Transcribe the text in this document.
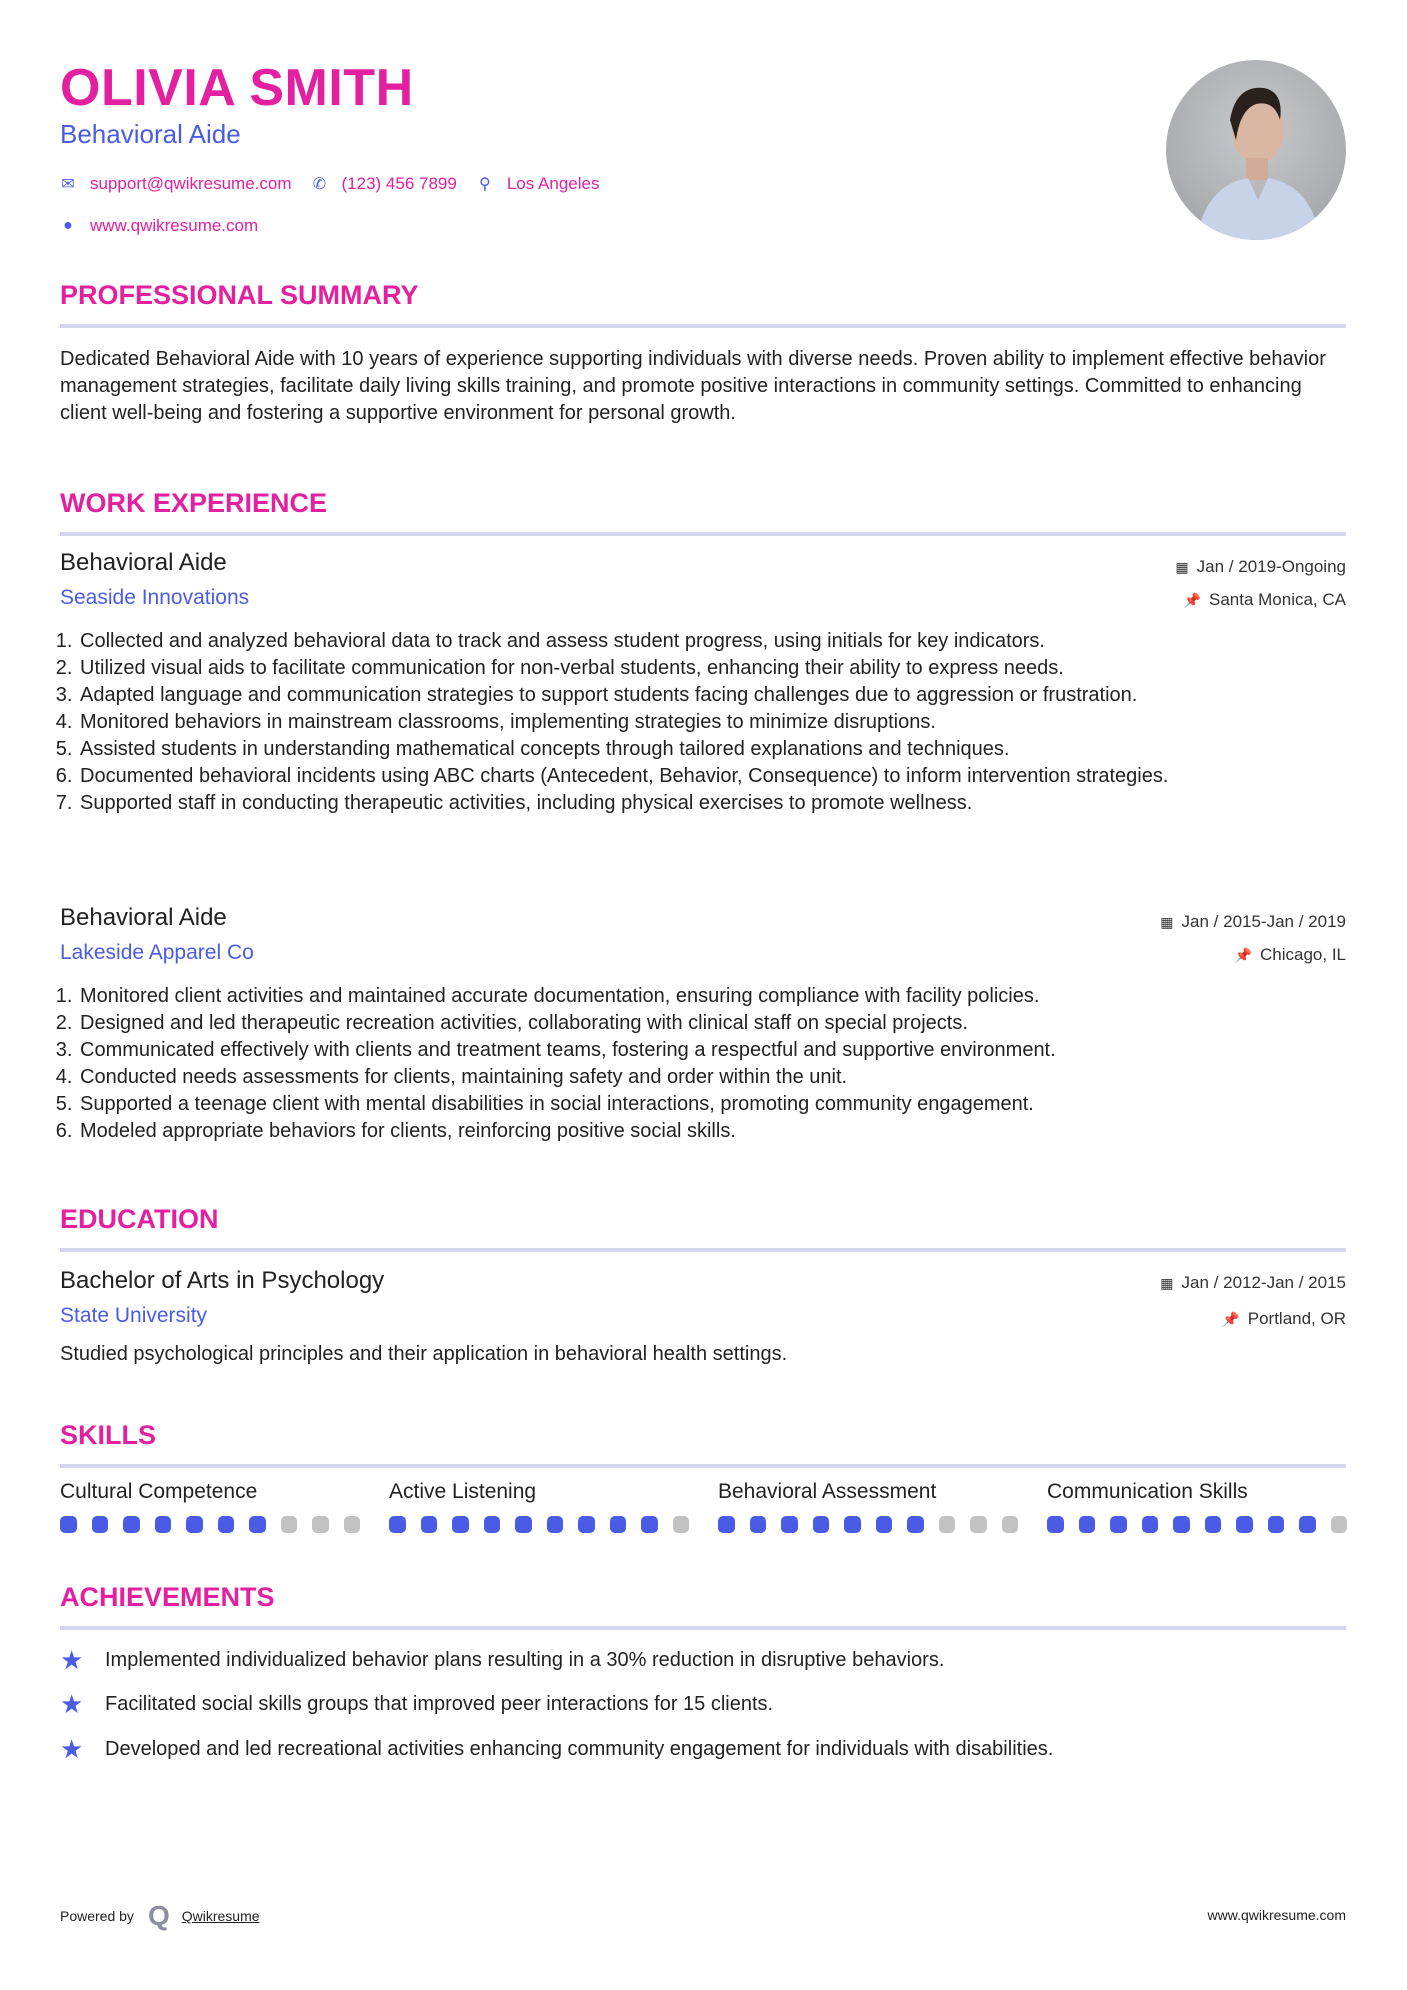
OLIVIA SMITH
Behavioral Aide
✉ support@qwikresume.com ✆ (123) 456 7899 ⚲ Los Angeles
● www.qwikresume.com
PROFESSIONAL SUMMARY
Dedicated Behavioral Aide with 10 years of experience supporting individuals with diverse needs. Proven ability to implement effective behavior management strategies, facilitate daily living skills training, and promote positive interactions in community settings. Committed to enhancing client well-being and fostering a supportive environment for personal growth.
WORK EXPERIENCE
Behavioral Aide
Seaside Innovations
▦ Jan / 2019-Ongoing
📌 Santa Monica, CA
1. Collected and analyzed behavioral data to track and assess student progress, using initials for key indicators.
2. Utilized visual aids to facilitate communication for non-verbal students, enhancing their ability to express needs.
3. Adapted language and communication strategies to support students facing challenges due to aggression or frustration.
4. Monitored behaviors in mainstream classrooms, implementing strategies to minimize disruptions.
5. Assisted students in understanding mathematical concepts through tailored explanations and techniques.
6. Documented behavioral incidents using ABC charts (Antecedent, Behavior, Consequence) to inform intervention strategies.
7. Supported staff in conducting therapeutic activities, including physical exercises to promote wellness.
Behavioral Aide
Lakeside Apparel Co
▦ Jan / 2015-Jan / 2019
📌 Chicago, IL
1. Monitored client activities and maintained accurate documentation, ensuring compliance with facility policies.
2. Designed and led therapeutic recreation activities, collaborating with clinical staff on special projects.
3. Communicated effectively with clients and treatment teams, fostering a respectful and supportive environment.
4. Conducted needs assessments for clients, maintaining safety and order within the unit.
5. Supported a teenage client with mental disabilities in social interactions, promoting community engagement.
6. Modeled appropriate behaviors for clients, reinforcing positive social skills.
EDUCATION
Bachelor of Arts in Psychology
State University
▦ Jan / 2012-Jan / 2015
📌 Portland, OR
Studied psychological principles and their application in behavioral health settings.
SKILLS
Cultural Competence	Active Listening	Behavioral Assessment	Communication Skills
ACHIEVEMENTS
★	Implemented individualized behavior plans resulting in a 30% reduction in disruptive behaviors.
★	Facilitated social skills groups that improved peer interactions for 15 clients.
★	Developed and led recreational activities enhancing community engagement for individuals with disabilities.
Powered by Q Qwikresume	www.qwikresume.com
